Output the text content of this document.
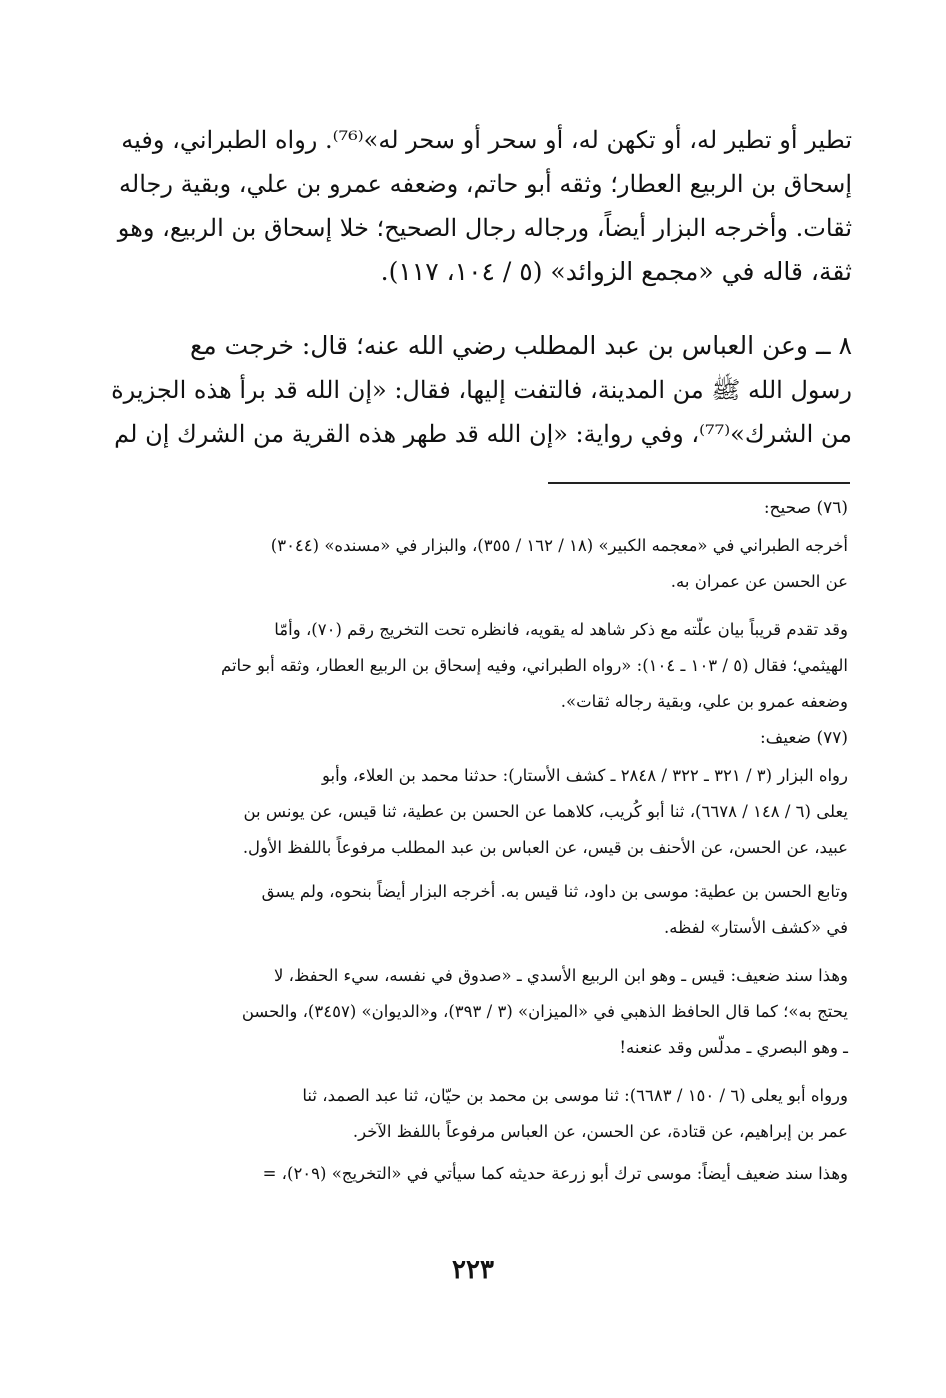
تطير أو تطير له، أو تكهن له، أو سحر أو سحر له»⁽⁷⁶⁾. رواه الطبراني، وفيه
إسحاق بن الربيع العطار؛ وثقه أبو حاتم، وضعفه عمرو بن علي، وبقية رجاله
ثقات. وأخرجه البزار أيضاً، ورجاله رجال الصحيح؛ خلا إسحاق بن الربيع، وهو
ثقة، قاله في «مجمع الزوائد» (٥ / ١٠٤، ١١٧).
٨ ــ وعن العباس بن عبد المطلب رضي الله عنه؛ قال: خرجت مع
رسول الله ﷺ من المدينة، فالتفت إليها، فقال: «إن الله قد برأ هذه الجزيرة
من الشرك»⁽⁷⁷⁾، وفي رواية: «إن الله قد طهر هذه القرية من الشرك إن لم
(٧٦) صحيح:
أخرجه الطبراني في «معجمه الكبير» (١٨ / ١٦٢ / ٣٥٥)، والبزار في «مسنده» (٣٠٤٤)
عن الحسن عن عمران به.
وقد تقدم قريباً بيان علّته مع ذكر شاهد له يقويه، فانظره تحت التخريج رقم (٧٠)، وأمّا
الهيثمي؛ فقال (٥ / ١٠٣ ـ ١٠٤): «رواه الطبراني، وفيه إسحاق بن الربيع العطار، وثقه أبو حاتم
وضعفه عمرو بن علي، وبقية رجاله ثقات».
(٧٧) ضعيف:
رواه البزار (٣ / ٣٢١ ـ ٣٢٢ / ٢٨٤٨ ـ كشف الأستار): حدثنا محمد بن العلاء، وأبو
يعلى (٦ / ١٤٨ / ٦٦٧٨)، ثنا أبو كُريب، كلاهما عن الحسن بن عطية، ثنا قيس، عن يونس بن
عبيد، عن الحسن، عن الأحنف بن قيس، عن العباس بن عبد المطلب مرفوعاً باللفظ الأول.
وتابع الحسن بن عطية: موسى بن داود، ثنا قيس به. أخرجه البزار أيضاً بنحوه، ولم يسق
في «كشف الأستار» لفظه.
وهذا سند ضعيف: قيس ـ وهو ابن الربيع الأسدي ـ «صدوق في نفسه، سيء الحفظ، لا
يحتج به»؛ كما قال الحافظ الذهبي في «الميزان» (٣ / ٣٩٣)، و«الديوان» (٣٤٥٧)، والحسن
ـ وهو البصري ـ مدلّس وقد عنعنه!
ورواه أبو يعلى (٦ / ١٥٠ / ٦٦٨٣): ثنا موسى بن محمد بن حيّان، ثنا عبد الصمد، ثنا
عمر بن إبراهيم، عن قتادة، عن الحسن، عن العباس مرفوعاً باللفظ الآخر.
وهذا سند ضعيف أيضاً: موسى ترك أبو زرعة حديثه كما سيأتي في «التخريج» (٢٠٩)، =
٢٢٣
